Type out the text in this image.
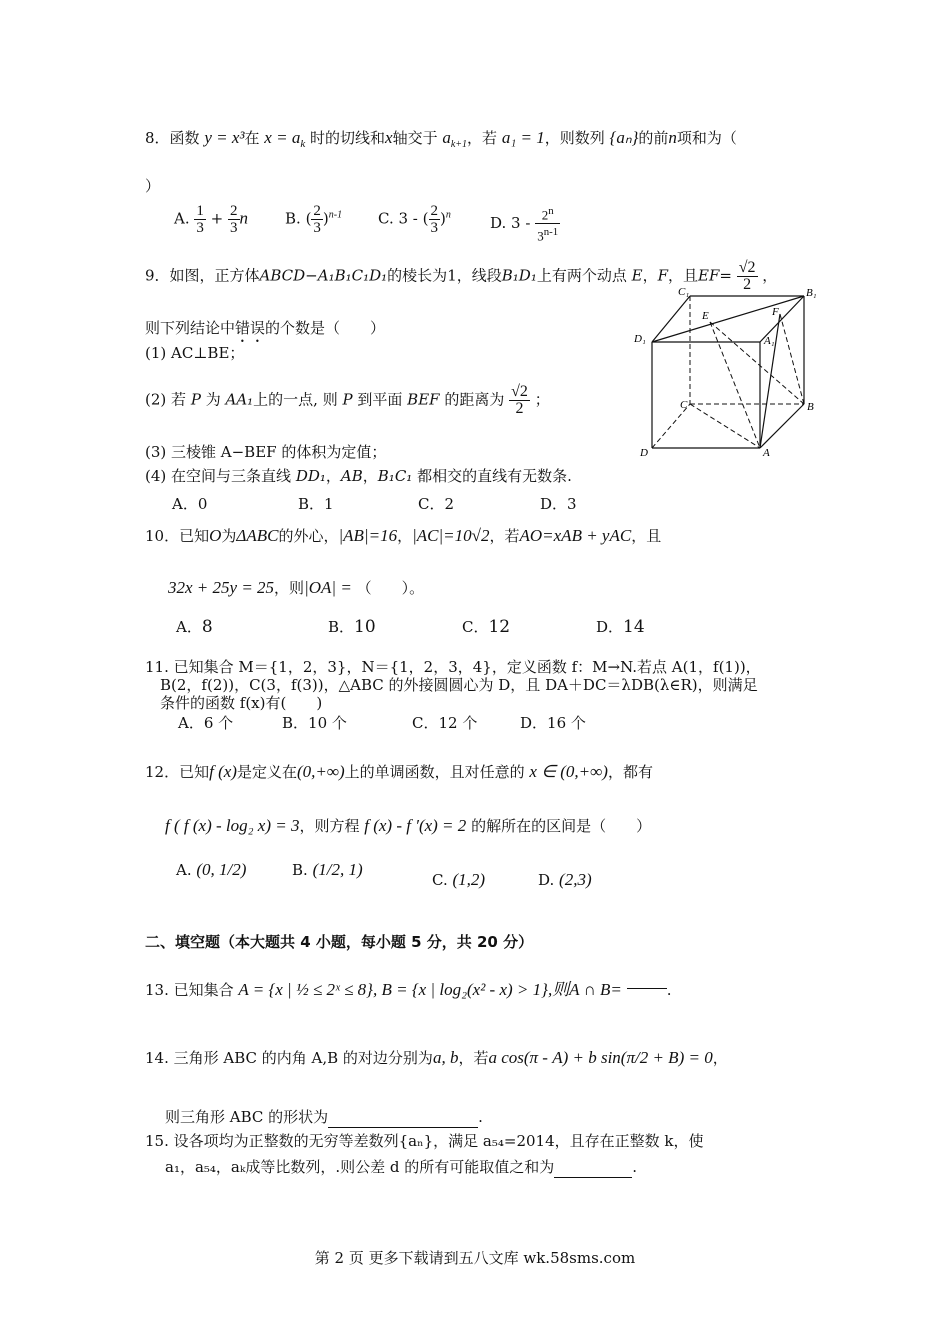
8．函数 y = x³在 $x = a_k$ 时的切线和x轴交于 $a_{k+1}$，若 a₁ = 1，则数列 {aₙ}的前n项和为（
）
A. $\frac{1}{3} + \frac{2}{3}$ n B. ( $\frac{2}{3} )^{n-1}$ C. 3 - ( $\frac{2}{3} )^n$	D. $3 - \frac{2^n}{3^{n-1}}$
9．如图，正方体ABCD−A₁B₁C₁D₁的棱长为1，线段B₁D₁上有两个动点 E，F，且$EF= \frac{√2}{2}$ ，
则下列结论中错误的个数是（　　）
(1) AC⊥BE；
(2) 若 P 为 AA₁上的一点, 则 P 到平面 BEF 的距离为 $\frac{√2}{2}$ ；
(3) 三棱锥 A−BEF 的体积为定值；
(4) 在空间与三条直线 DD₁，AB，B₁C₁ 都相交的直线有无数条.
A．0	B．1	C．2	D．3
C₁	B₁
E	F
D₁	A₁
C	B
D	A
10．已知O为ΔABC的外心，|AB|=16，|AC|=10√2，若AO=xAB + yAC，且
32x + 25y = 25，则|OA| = （　　）。
A．8	B．10	C．12	D．14
11. 已知集合 M＝{1，2，3}，N＝{1，2，3，4}，定义函数 f：M→N.若点 A(1，f(1))，
B(2，f(2))，C(3，f(3))，△ABC 的外接圆圆心为 D，且 DA＋DC＝λDB(λ∈R)，则满足
条件的函数 f(x)有(　　)
A．6 个	B．10 个	C．12 个	D．16 个
12．已知f (x)是定义在(0,+∞)上的单调函数，且对任意的 x ∈ (0,+∞)，都有
f ( f (x) - log₂ x) = 3，则方程 f (x) - f ′(x) = 2 的解所在的区间是（　　）
A. (0, 1/2)	B. (1/2, 1)
C. (1,2)	D. (2,3)
二、填空题（本大题共 4 小题，每小题 5 分，共 20 分）
13. 已知集合 A = {x | ½ ≤ 2ˣ ≤ 8}, B = {x | log₂(x² - x) > 1},则A ∩ B=	.
14. 三角形 ABC 的内角 A,B 的对边分别为a, b，若a cos(π - A) + b sin(π/2 + B) = 0，
则三角形 ABC 的形状为	.
15. 设各项均为正整数的无穷等差数列{aₙ}，满足 a₅₄=2014，且存在正整数 k，使
a₁，a₅₄，aₖ成等比数列，.则公差 d 的所有可能取值之和为	.
第 2 页 更多下载请到五八文库 wk.58sms.com
